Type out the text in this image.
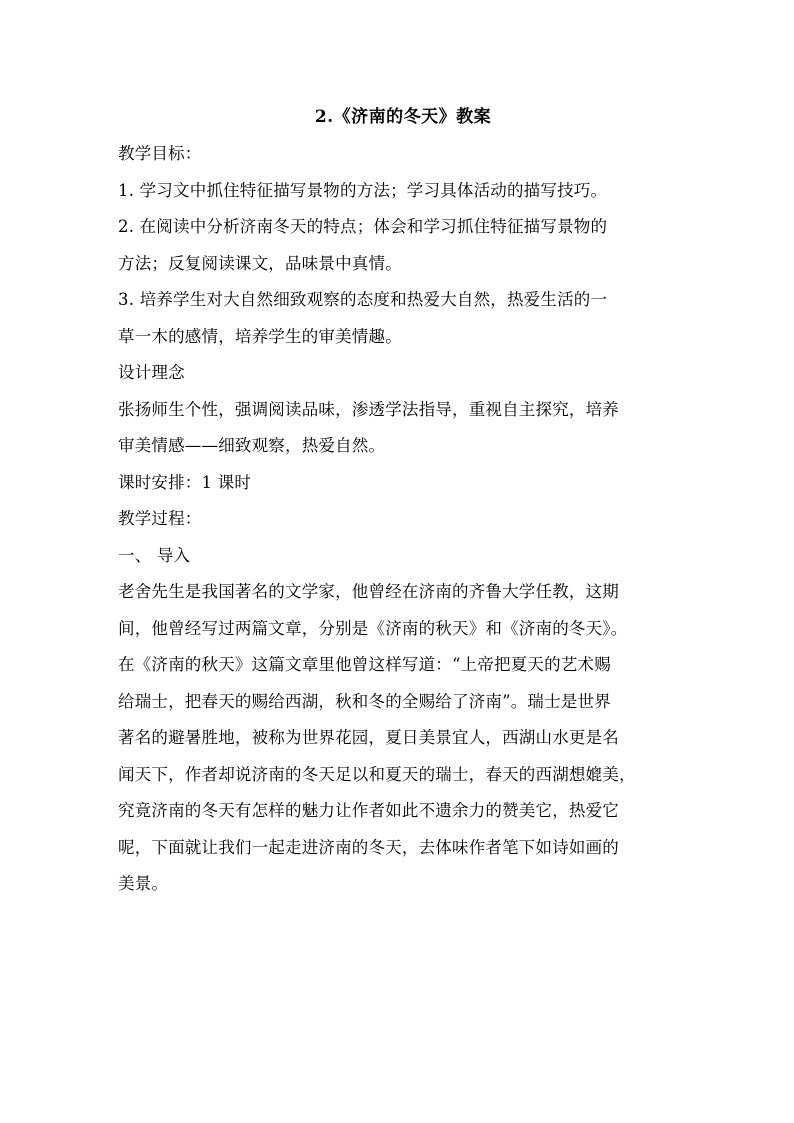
2.《济南的冬天》教案

教学目标：

1. 学习文中抓住特征描写景物的方法；学习具体活动的描写技巧。

2. 在阅读中分析济南冬天的特点；体会和学习抓住特征描写景物的

方法；反复阅读课文，品味景中真情。

3. 培养学生对大自然细致观察的态度和热爱大自然，热爱生活的一

草一木的感情，培养学生的审美情趣。

设计理念

张扬师生个性，强调阅读品味，渗透学法指导，重视自主探究，培养

审美情感——细致观察，热爱自然。

课时安排：1 课时

教学过程：

一、 导入

老舍先生是我国著名的文学家，他曾经在济南的齐鲁大学任教，这期

间，他曾经写过两篇文章，分别是《济南的秋天》和《济南的冬天》。

在《济南的秋天》这篇文章里他曾这样写道：“上帝把夏天的艺术赐

给瑞士，把春天的赐给西湖，秋和冬的全赐给了济南”。瑞士是世界

著名的避暑胜地，被称为世界花园，夏日美景宜人，西湖山水更是名

闻天下，作者却说济南的冬天足以和夏天的瑞士，春天的西湖想媲美，

究竟济南的冬天有怎样的魅力让作者如此不遗余力的赞美它，热爱它

呢，下面就让我们一起走进济南的冬天，去体味作者笔下如诗如画的

美景。
